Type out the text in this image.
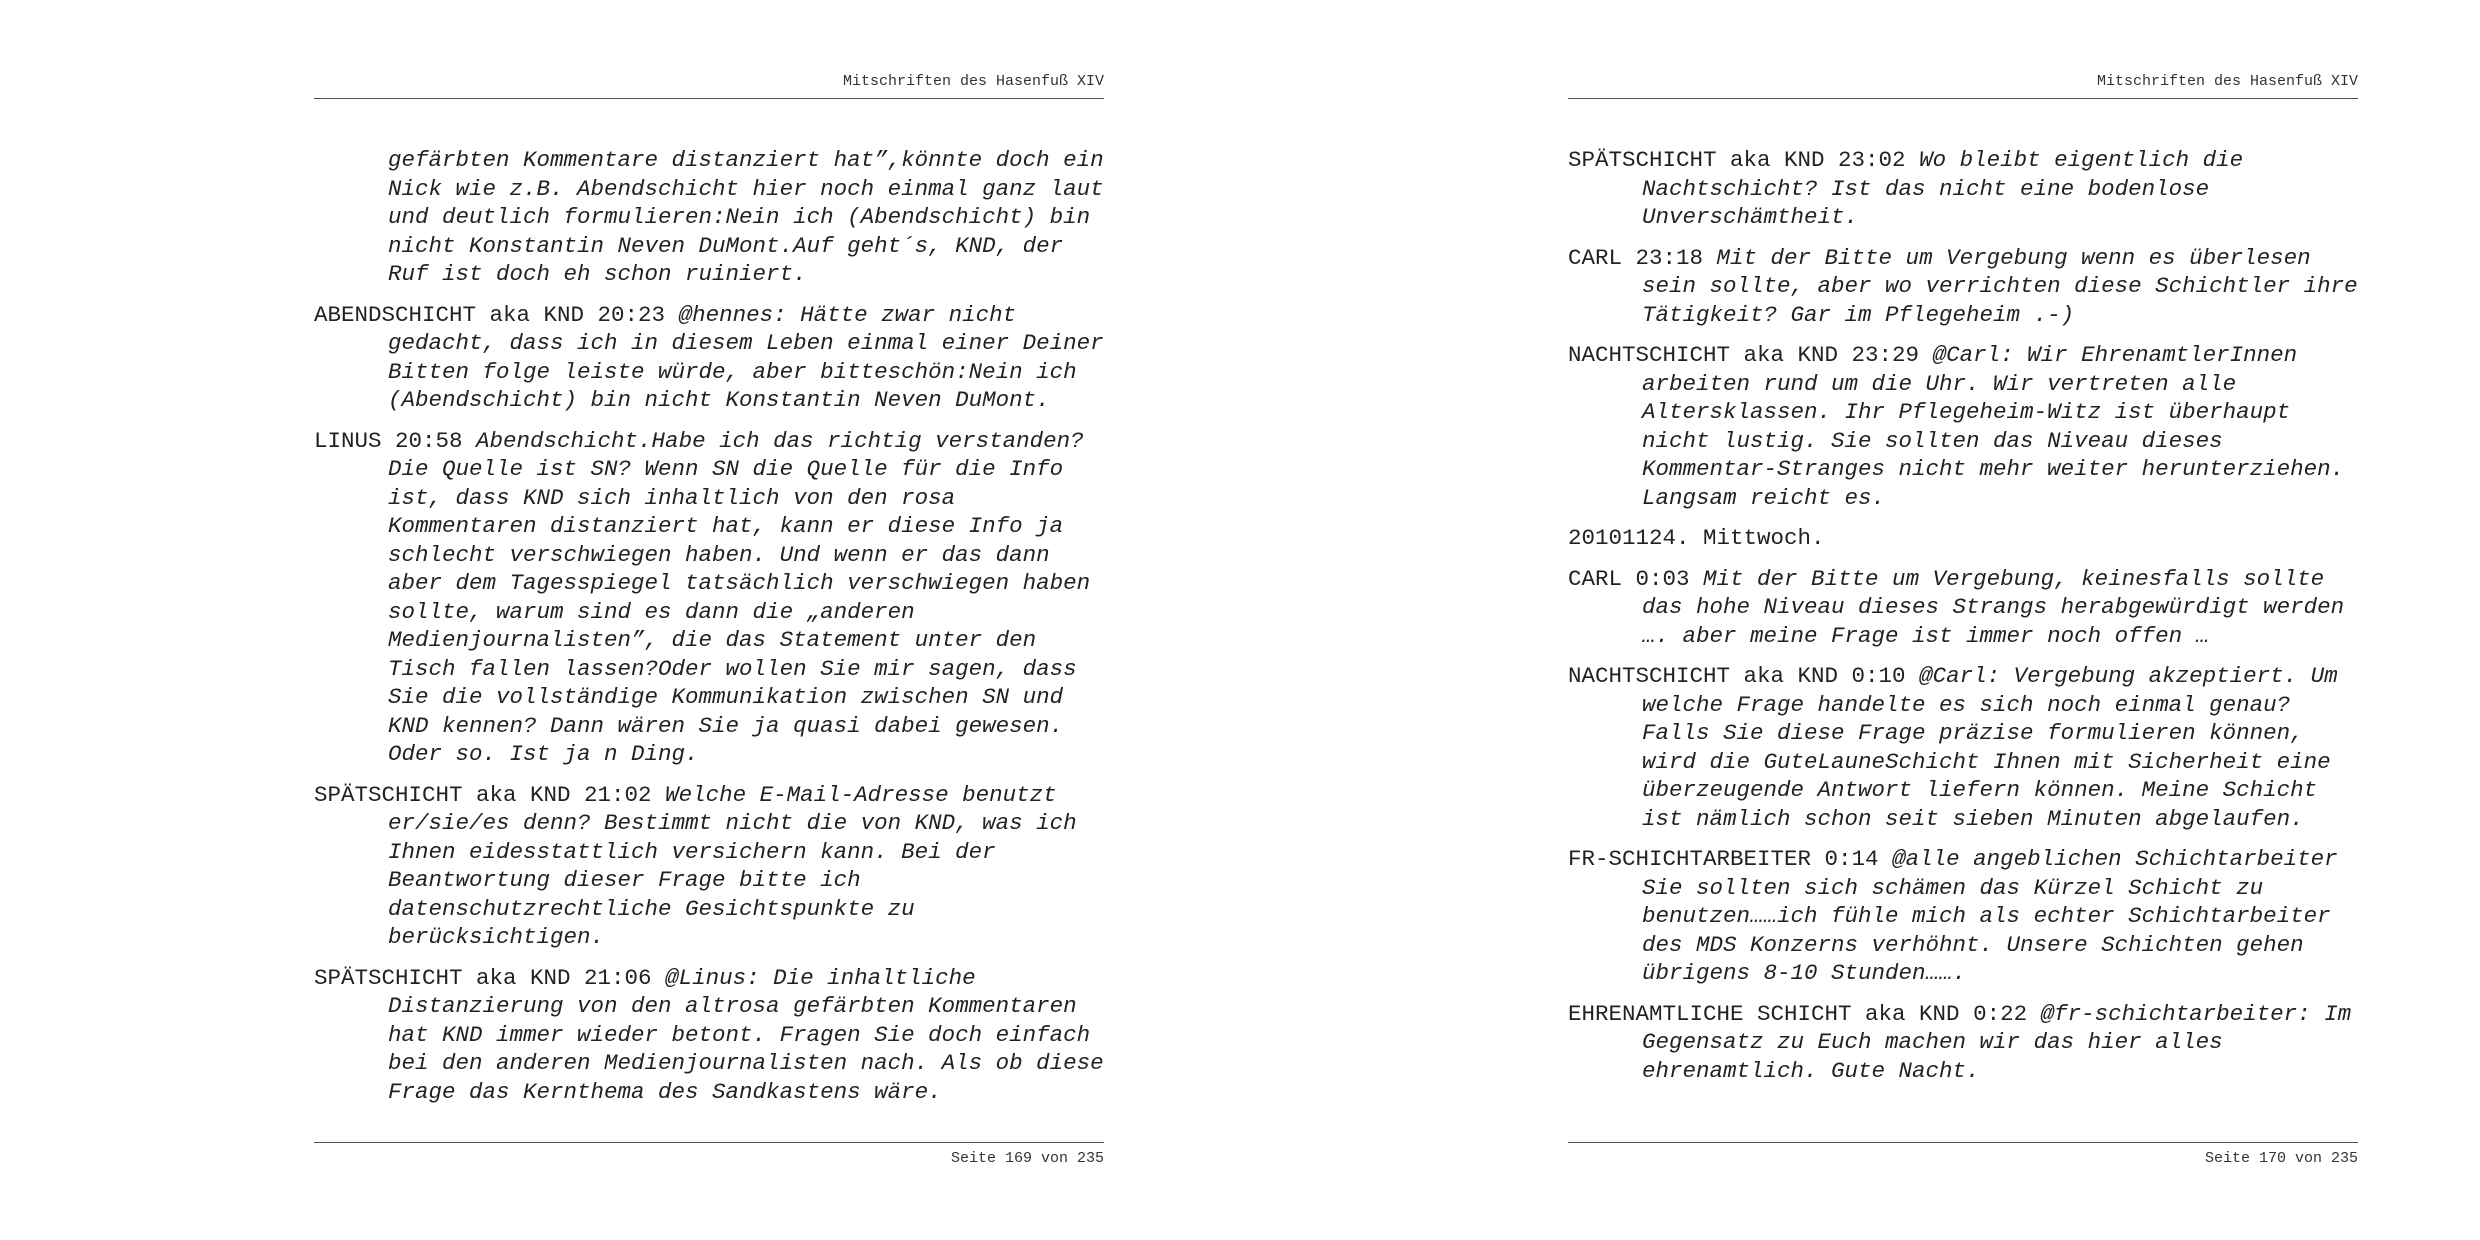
Mitschriften des Hasenfuß XIV

gefärbten Kommentare distanziert hat”,könnte doch ein Nick wie z.B. Abendschicht hier noch einmal ganz laut und deutlich formulieren:Nein ich (Abendschicht) bin nicht Konstantin Neven DuMont.Auf geht´s, KND, der Ruf ist doch eh schon ruiniert.

ABENDSCHICHT aka KND 20:23 @hennes: Hätte zwar nicht gedacht, dass ich in diesem Leben einmal einer Deiner Bitten folge leiste würde, aber bitteschön:Nein ich (Abendschicht) bin nicht Konstantin Neven DuMont.

LINUS 20:58 Abendschicht.Habe ich das richtig verstanden? Die Quelle ist SN? Wenn SN die Quelle für die Info ist, dass KND sich inhaltlich von den rosa Kommentaren distanziert hat, kann er diese Info ja schlecht verschwiegen haben. Und wenn er das dann aber dem Tagesspiegel tatsächlich verschwiegen haben sollte, warum sind es dann die „anderen Medienjournalisten”, die das Statement unter den Tisch fallen lassen?Oder wollen Sie mir sagen, dass Sie die vollständige Kommunikation zwischen SN und KND kennen? Dann wären Sie ja quasi dabei gewesen. Oder so. Ist ja n Ding.

SPÄTSCHICHT aka KND 21:02 Welche E-Mail-Adresse benutzt er/sie/es denn? Bestimmt nicht die von KND, was ich Ihnen eidesstattlich versichern kann. Bei der Beantwortung dieser Frage bitte ich datenschutzrechtliche Gesichtspunkte zu berücksichtigen.

SPÄTSCHICHT aka KND 21:06 @Linus: Die inhaltliche Distanzierung von den altrosa gefärbten Kommentaren hat KND immer wieder betont. Fragen Sie doch einfach bei den anderen Medienjournalisten nach. Als ob diese Frage das Kernthema des Sandkastens wäre.

Seite 169 von 235
Mitschriften des Hasenfuß XIV

SPÄTSCHICHT aka KND 23:02 Wo bleibt eigentlich die Nachtschicht? Ist das nicht eine bodenlose Unverschämtheit.

CARL 23:18 Mit der Bitte um Vergebung wenn es überlesen sein sollte, aber wo verrichten diese Schichtler ihre Tätigkeit? Gar im Pflegeheim .-)

NACHTSCHICHT aka KND 23:29 @Carl: Wir EhrenamtlerInnen arbeiten rund um die Uhr. Wir vertreten alle Altersklassen. Ihr Pflegeheim-Witz ist überhaupt nicht lustig. Sie sollten das Niveau dieses Kommentar-Stranges nicht mehr weiter herunterziehen. Langsam reicht es.

20101124. Mittwoch.

CARL 0:03 Mit der Bitte um Vergebung, keinesfalls sollte das hohe Niveau dieses Strangs herabgewürdigt werden …. aber meine Frage ist immer noch offen …

NACHTSCHICHT aka KND 0:10 @Carl: Vergebung akzeptiert. Um welche Frage handelte es sich noch einmal genau? Falls Sie diese Frage präzise formulieren können, wird die GuteLauneSchicht Ihnen mit Sicherheit eine überzeugende Antwort liefern können. Meine Schicht ist nämlich schon seit sieben Minuten abgelaufen.

FR-SCHICHTARBEITER 0:14 @alle angeblichen Schichtarbeiter Sie sollten sich schämen das Kürzel Schicht zu benutzen……ich fühle mich als echter Schichtarbeiter des MDS Konzerns verhöhnt. Unsere Schichten gehen übrigens 8-10 Stunden…….

EHRENAMTLICHE SCHICHT aka KND 0:22 @fr-schichtarbeiter: Im Gegensatz zu Euch machen wir das hier alles ehrenamtlich. Gute Nacht.

Seite 170 von 235
